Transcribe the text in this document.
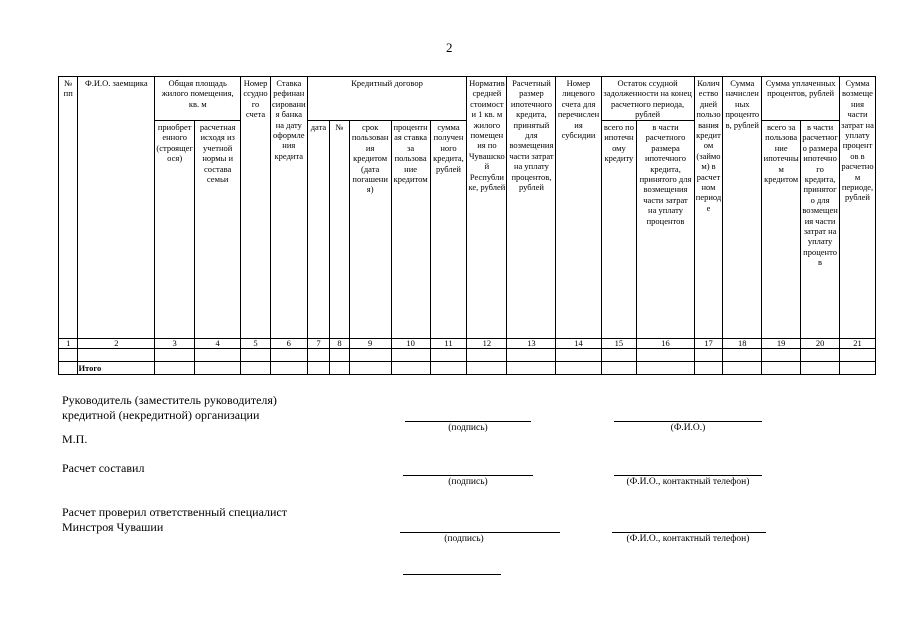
2
№ пп	Ф.И.О. заемщика	Общая площадь жилого помещения, кв. м		Номер ссудного счета	Ставка рефинансирования банка на дату оформления кредита	Кредитный договор					Норматив средней стоимости 1 кв. м жилого помещения по Чувашской Республике, рублей	Расчетный размер ипотечного кредита, принятый для возмещения части затрат на уплату процентов, рублей	Номер лицевого счета для перечисления субсидии	Остаток ссудной задолженности на конец расчетного периода, рублей		Количество дней пользования кредитом (займом) в расчетном периоде	Сумма начисленных процентов, рублей	Сумма уплаченных процентов, рублей		Сумма возмещения части затрат на уплату процентов в расчетном периоде, рублей
		приобретенного (строящегося)	расчетная исходя из учетной нормы и состава семьи			дата	№	срок пользования кредитом (дата погашения)	процентная ставка за пользование кредитом	сумма полученного кредита, рублей				всего по ипотечному кредиту	в части расчетного размера ипотечного кредита, принятого для возмещения части затрат на уплату процентов			всего за пользование ипотечным кредитом	в части расчетного размера ипотечного кредита, принятого для возмещения части затрат на уплату процентов	
1	2	3	4	5	6	7	8	9	10	11	12	13	14	15	16	17	18	19	20	21

	Итого																			
Руководитель (заместитель руководителя)
кредитной (некредитной) организации
(подпись)	(Ф.И.О.)
М.П.
Расчет составил
(подпись)	(Ф.И.О., контактный телефон)
Расчет проверил ответственный специалист
Минстроя Чувашии
(подпись)	(Ф.И.О., контактный телефон)
